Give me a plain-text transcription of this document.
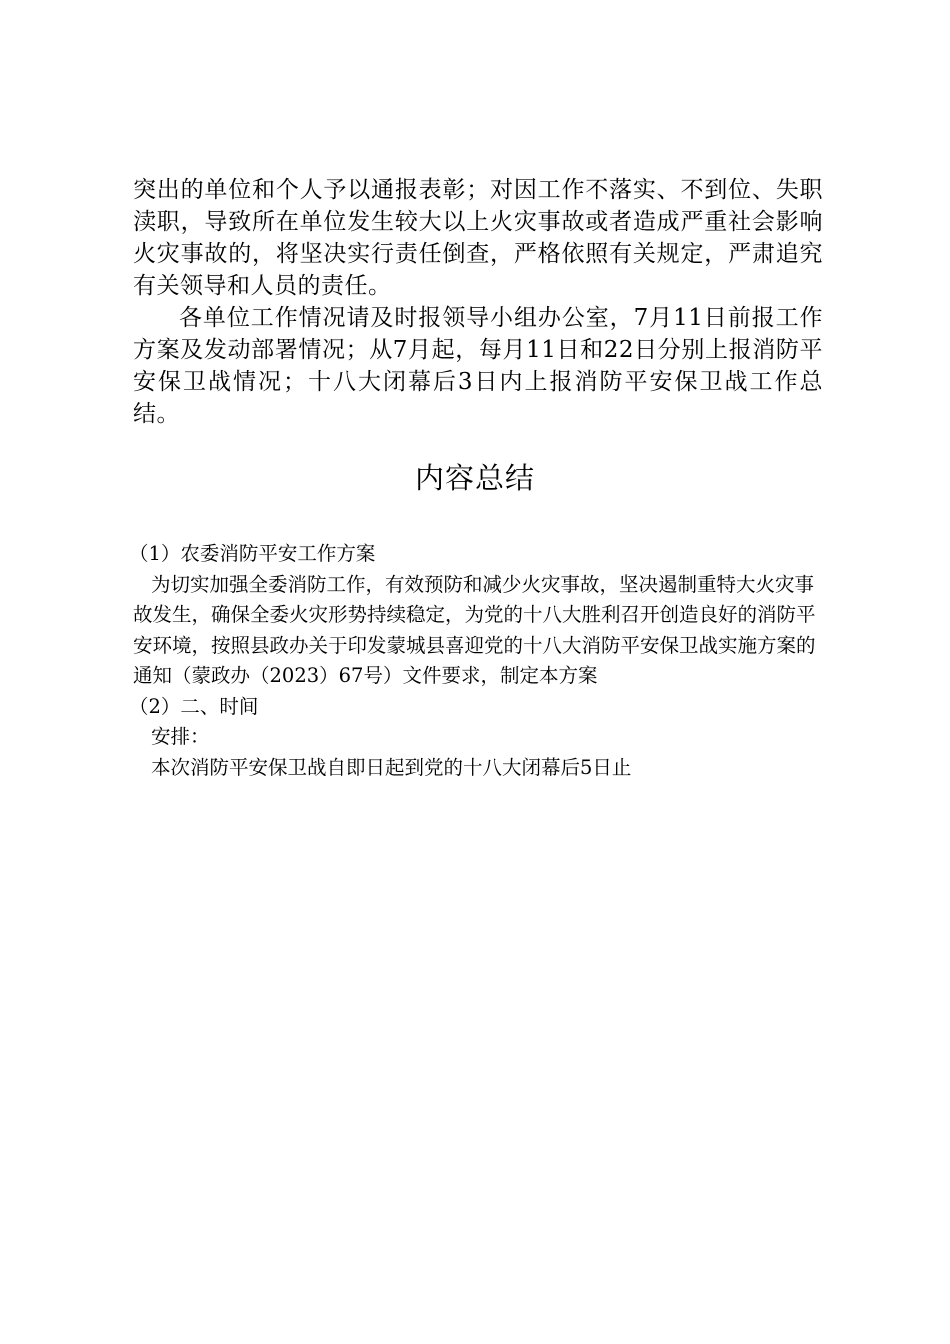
突出的单位和个人予以通报表彰；对因工作不落实、不到位、失职渎职，导致所在单位发生较大以上火灾事故或者造成严重社会影响火灾事故的，将坚决实行责任倒查，严格依照有关规定，严肃追究有关领导和人员的责任。

各单位工作情况请及时报领导小组办公室，7月11日前报工作方案及发动部署情况；从7月起，每月11日和22日分别上报消防平安保卫战情况；十八大闭幕后3日内上报消防平安保卫战工作总结。

内容总结

（1）农委消防平安工作方案

为切实加强全委消防工作，有效预防和减少火灾事故，坚决遏制重特大火灾事故发生，确保全委火灾形势持续稳定，为党的十八大胜利召开创造良好的消防平安环境，按照县政办关于印发蒙城县喜迎党的十八大消防平安保卫战实施方案的通知（蒙政办（2023）67号）文件要求，制定本方案

（2）二、时间

安排：

本次消防平安保卫战自即日起到党的十八大闭幕后5日止
